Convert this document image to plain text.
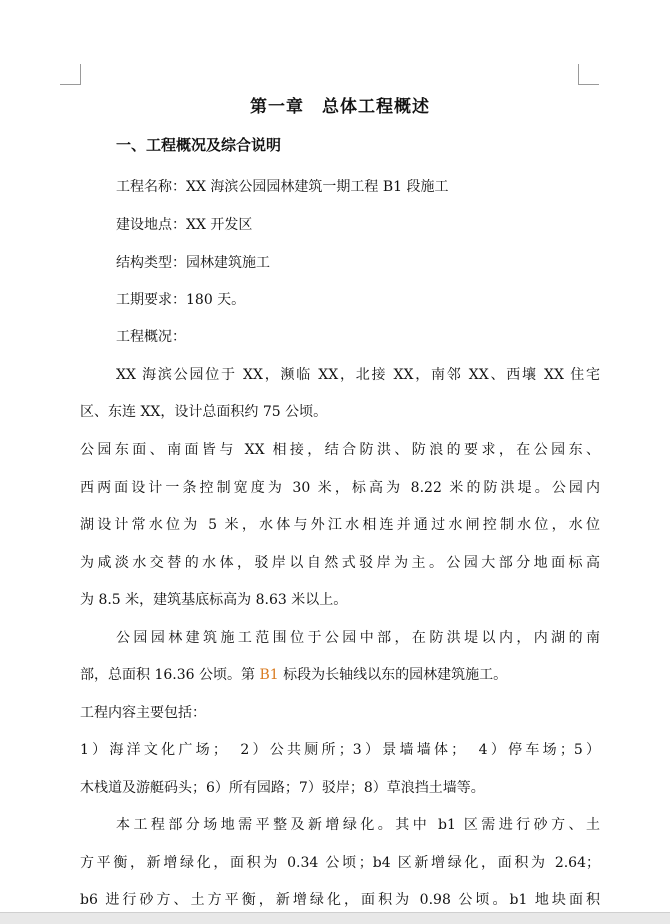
第一章　总体工程概述
一、工程概况及综合说明
工程名称：XX 海滨公园园林建筑一期工程 B1 段施工
建设地点：XX 开发区
结构类型：园林建筑施工
工期要求：180 天。
工程概况：
XX 海滨公园位于 XX，濒临 XX，北接 XX，南邻 XX、西壤 XX 住宅
区、东连 XX，设计总面积约 75 公顷。
公园东面、南面皆与 XX 相接，结合防洪、防浪的要求，在公园东、
西两面设计一条控制宽度为 30 米，标高为 8.22 米的防洪堤。公园内
湖设计常水位为 5 米，水体与外江水相连并通过水闸控制水位，水位
为咸淡水交替的水体，驳岸以自然式驳岸为主。公园大部分地面标高
为 8.5 米，建筑基底标高为 8.63 米以上。
公园园林建筑施工范围位于公园中部，在防洪堤以内，内湖的南
部，总面积 16.36 公顷。第 B1 标段为长轴线以东的园林建筑施工。
工程内容主要包括：
1）海洋文化广场；　2）公共厕所；3）景墙墙体；　4）停车场；5）
木栈道及游艇码头；6）所有园路；7）驳岸；8）草浪挡土墙等。
本工程部分场地需平整及新增绿化。其中 b1 区需进行砂方、土
方平衡，新增绿化，面积为 0.34 公顷；b4 区新增绿化，面积为 2.64；
b6 进行砂方、土方平衡，新增绿化，面积为 0.98 公顷。b1 地块面积
